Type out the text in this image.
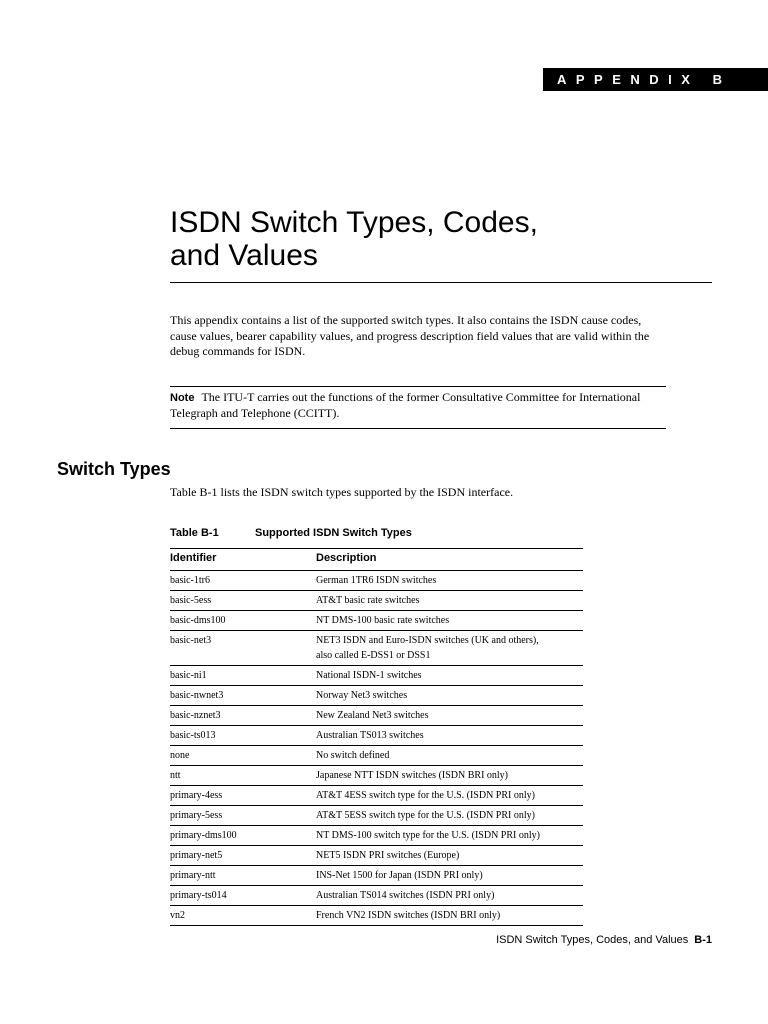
APPENDIX B
ISDN Switch Types, Codes,
and Values
This appendix contains a list of the supported switch types. It also contains the ISDN cause codes,
cause values, bearer capability values, and progress description field values that are valid within the
debug commands for ISDN.
Note The ITU-T carries out the functions of the former Consultative Committee for International
Telegraph and Telephone (CCITT).
Switch Types
Table B-1 lists the ISDN switch types supported by the ISDN interface.
Table B-1	Supported ISDN Switch Types
Identifier	Description
basic-1tr6	German 1TR6 ISDN switches
basic-5ess	AT&T basic rate switches
basic-dms100	NT DMS-100 basic rate switches
basic-net3	NET3 ISDN and Euro-ISDN switches (UK and others),
also called E-DSS1 or DSS1
basic-ni1	National ISDN-1 switches
basic-nwnet3	Norway Net3 switches
basic-nznet3	New Zealand Net3 switches
basic-ts013	Australian TS013 switches
none	No switch defined
ntt	Japanese NTT ISDN switches (ISDN BRI only)
primary-4ess	AT&T 4ESS switch type for the U.S. (ISDN PRI only)
primary-5ess	AT&T 5ESS switch type for the U.S. (ISDN PRI only)
primary-dms100	NT DMS-100 switch type for the U.S. (ISDN PRI only)
primary-net5	NET5 ISDN PRI switches (Europe)
primary-ntt	INS-Net 1500 for Japan (ISDN PRI only)
primary-ts014	Australian TS014 switches (ISDN PRI only)
vn2	French VN2 ISDN switches (ISDN BRI only)
ISDN Switch Types, Codes, and Values B-1
